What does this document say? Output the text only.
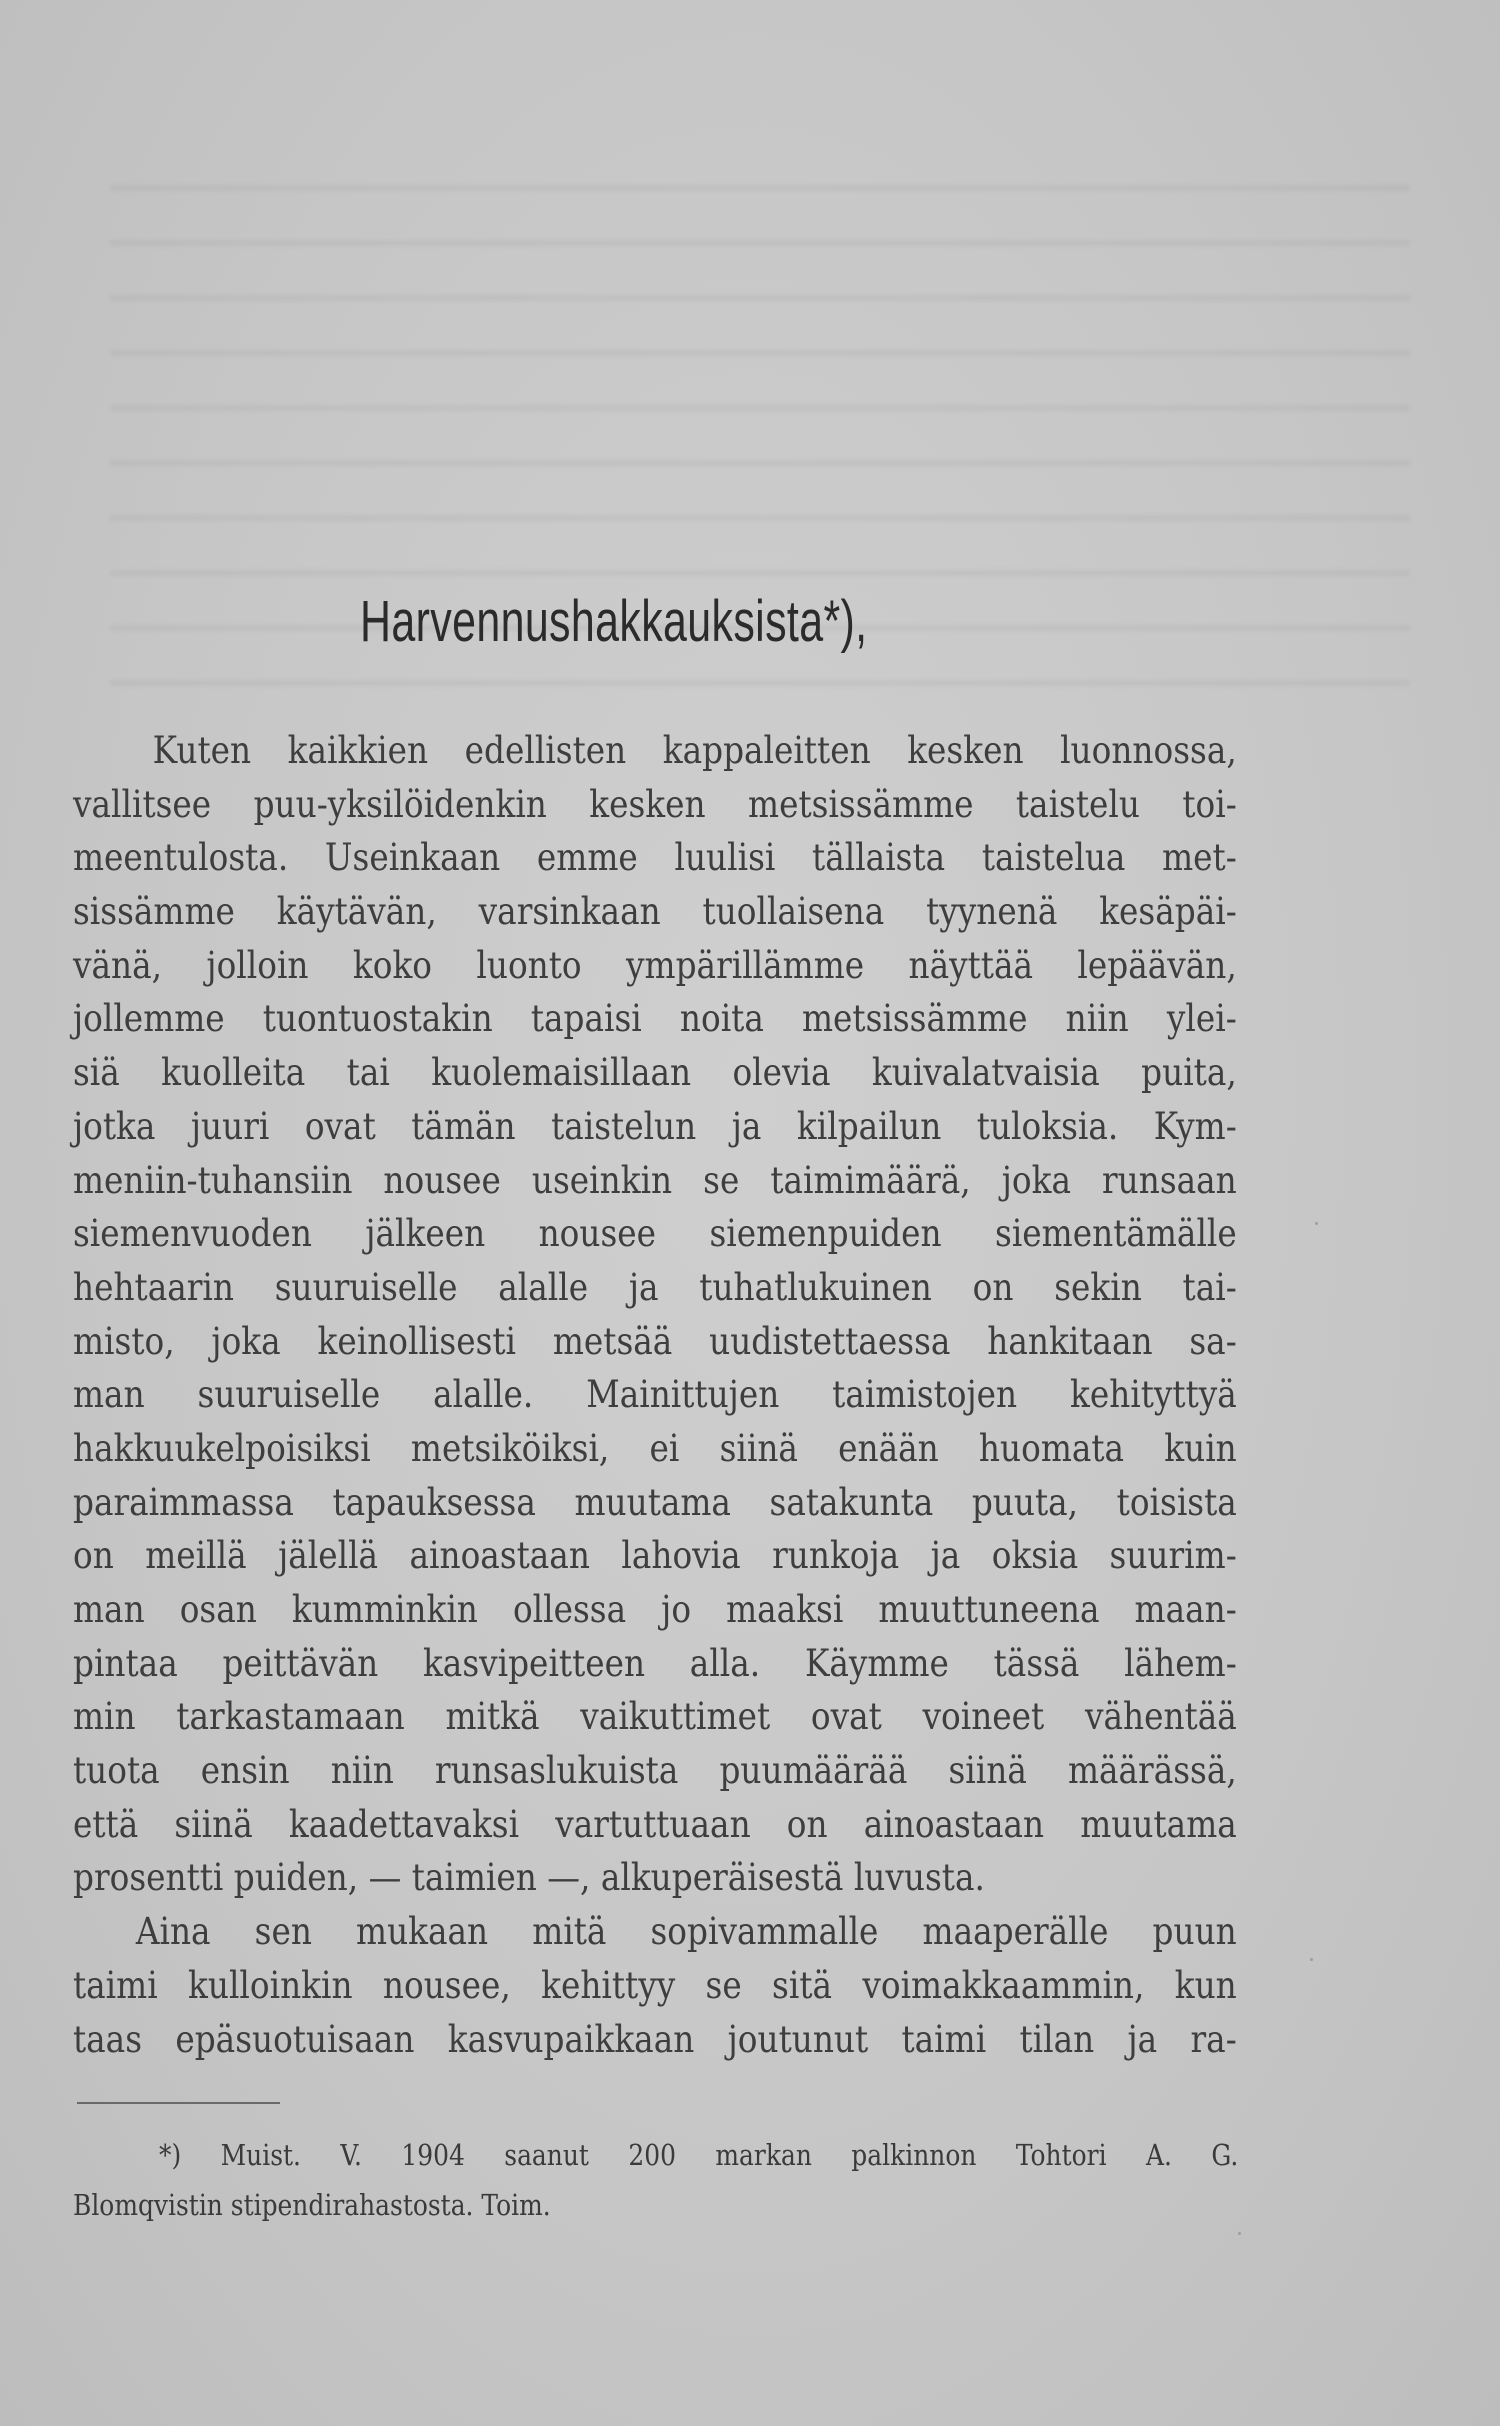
Harvennushakkauksista*),
Kuten kaikkien edellisten kappaleitten kesken luonnossa,
vallitsee puu-yksilöidenkin kesken metsissämme taistelu toi-
meentulosta. Useinkaan emme luulisi tällaista taistelua met-
sissämme käytävän, varsinkaan tuollaisena tyynenä kesäpäi-
vänä, jolloin koko luonto ympärillämme näyttää lepäävän,
jollemme tuontuostakin tapaisi noita metsissämme niin ylei-
siä kuolleita tai kuolemaisillaan olevia kuivalatvaisia puita,
jotka juuri ovat tämän taistelun ja kilpailun tuloksia. Kym-
meniin-tuhansiin nousee useinkin se taimimäärä, joka runsaan
siemenvuoden jälkeen nousee siemenpuiden siementämälle
hehtaarin suuruiselle alalle ja tuhatlukuinen on sekin tai-
misto, joka keinollisesti metsää uudistettaessa hankitaan sa-
man suuruiselle alalle. Mainittujen taimistojen kehityttyä
hakkuukelpoisiksi metsiköiksi, ei siinä enään huomata kuin
paraimmassa tapauksessa muutama satakunta puuta, toisista
on meillä jälellä ainoastaan lahovia runkoja ja oksia suurim-
man osan kumminkin ollessa jo maaksi muuttuneena maan-
pintaa peittävän kasvipeitteen alla. Käymme tässä lähem-
min tarkastamaan mitkä vaikuttimet ovat voineet vähentää
tuota ensin niin runsaslukuista puumäärää siinä määrässä,
että siinä kaadettavaksi vartuttuaan on ainoastaan muutama
prosentti puiden, — taimien —, alkuperäisestä luvusta.
Aina sen mukaan mitä sopivammalle maaperälle puun
taimi kulloinkin nousee, kehittyy se sitä voimakkaammin, kun
taas epäsuotuisaan kasvupaikkaan joutunut taimi tilan ja ra-
*) Muist. V. 1904 saanut 200 markan palkinnon Tohtori A. G.
Blomqvistin stipendirahastosta. Toim.
